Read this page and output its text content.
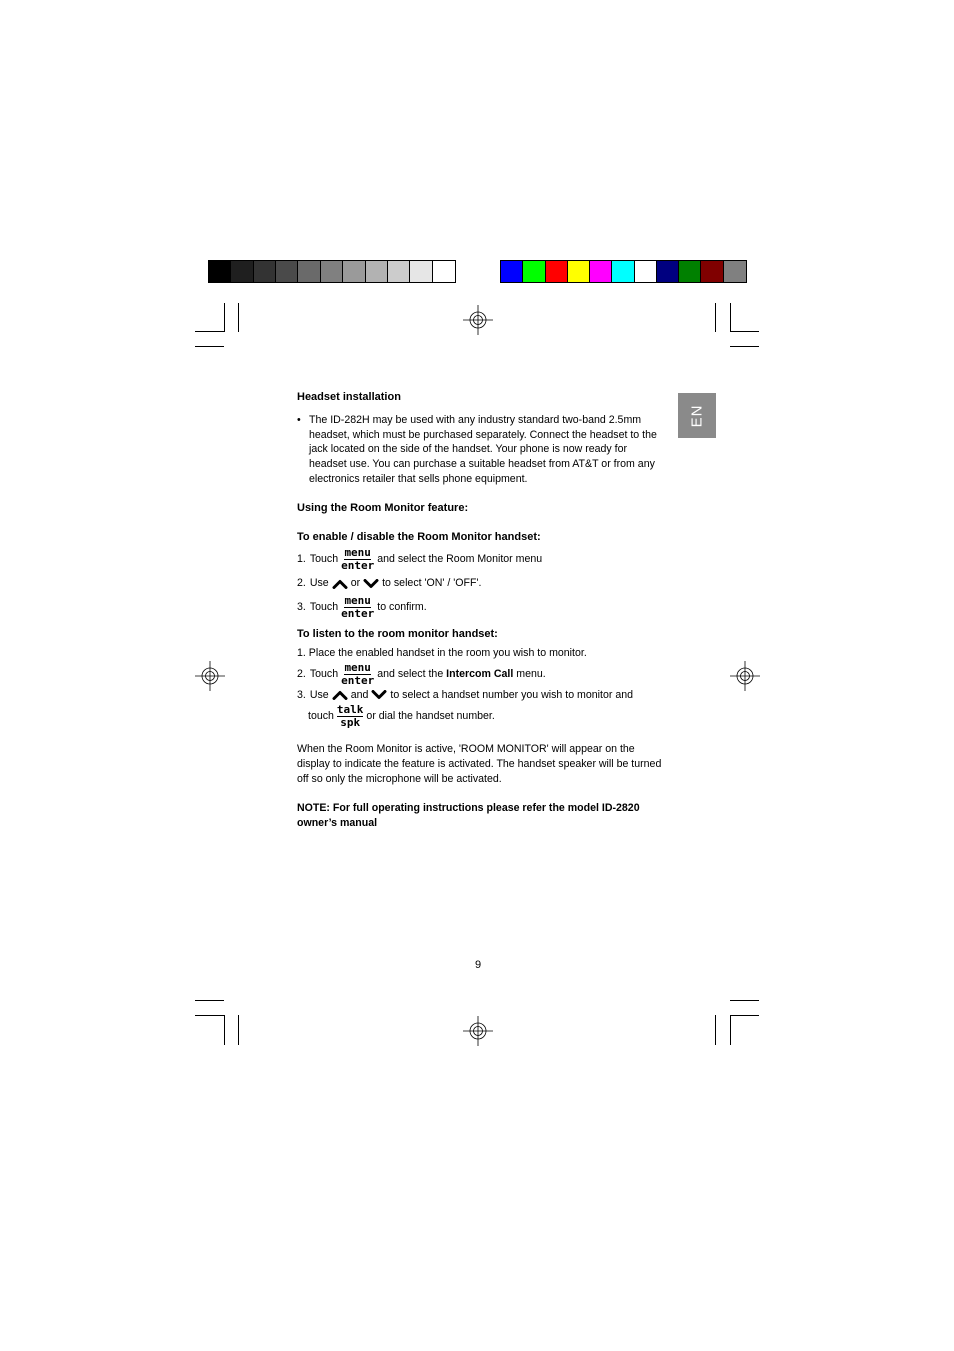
EN
Headset installation
• The ID-282H may be used with any industry standard two-band 2.5mm headset, which must be purchased separately. Connect the headset to the jack located on the side of the handset. Your phone is now ready for headset use. You can purchase a suitable headset from AT&T or from any electronics retailer that sells phone equipment.

Using the Room Monitor feature:
To enable / disable the Room Monitor handset:
1. Touch
menu
enter and select the Room Monitor menu
2. Use or to select 'ON' / 'OFF'.
3. Touch
menu
enter to confirm.
To listen to the room monitor handset:
1. Place the enabled handset in the room you wish to monitor.
2. Touch
menu
enter and select the
Intercom Call
menu.
3. Use and to select a handset number you wish to monitor and
touch
talk
spk or dial the handset number.

When the Room Monitor is active, 'ROOM MONITOR' will appear on the display to indicate the feature is activated. The handset speaker will be turned off so only the microphone will be activated.

NOTE: For full operating instructions please refer the model ID-2820 owner’s manual

9
